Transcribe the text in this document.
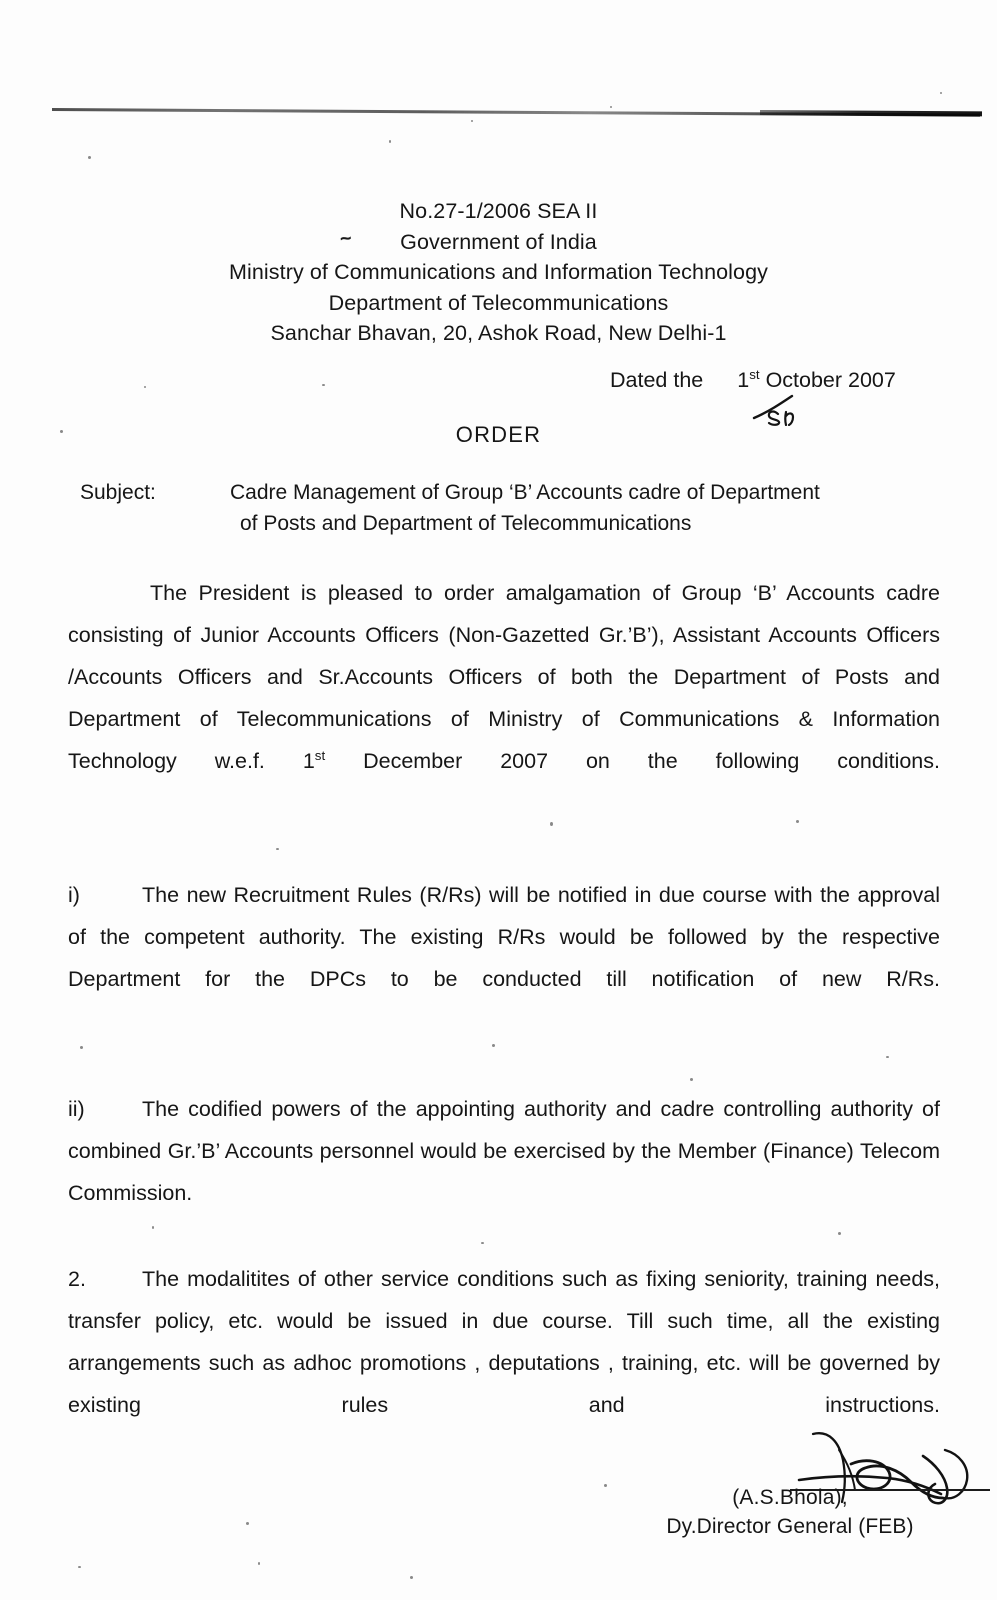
No.27-1/2006 SEA II
Government of India
Ministry of Communications and Information Technology
Department of Telecommunications
Sanchar Bhavan, 20, Ashok Road, New Delhi-1
~
Dated the 1st October 2007
ORDER
Subject:	Cadre Management of Group ‘B’ Accounts cadre of Department
of Posts and Department of Telecommunications
The President is pleased to order amalgamation of Group ‘B’ Accounts cadre consisting of Junior Accounts Officers (Non-Gazetted Gr.’B’), Assistant Accounts Officers /Accounts Officers and Sr.Accounts Officers of both the Department of Posts and Department of Telecommunications of Ministry of Communications & Information Technology w.e.f. 1st December 2007 on the following conditions.
i)	The new Recruitment Rules (R/Rs) will be notified in due course with the approval of the competent authority. The existing R/Rs would be followed by the respective Department for the DPCs to be conducted till notification of new R/Rs.
ii)	The codified powers of the appointing authority and cadre controlling authority of combined Gr.’B’ Accounts personnel would be exercised by the Member (Finance) Telecom Commission.
2.	The modalitites of other service conditions such as fixing seniority, training needs, transfer policy, etc. would be issued in due course. Till such time, all the existing arrangements such as adhoc promotions , deputations , training, etc. will be governed by existing rules and instructions.
(A.S.Bhola),
Dy.Director General (FEB)
